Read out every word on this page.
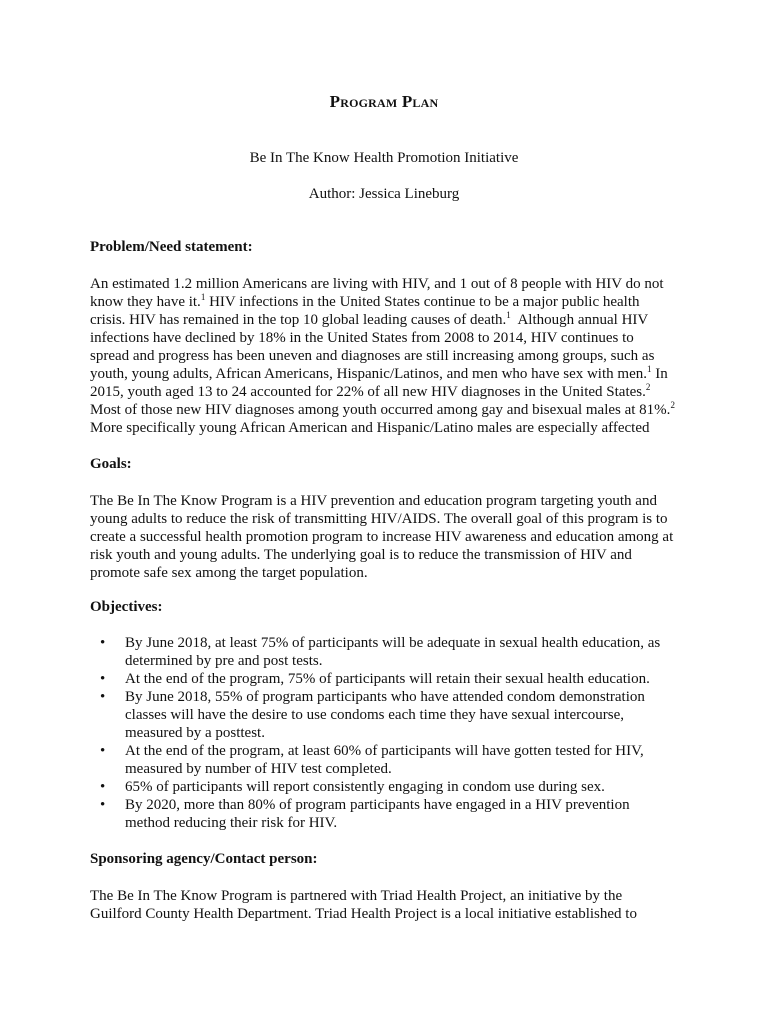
Program Plan
Be In The Know Health Promotion Initiative
Author: Jessica Lineburg
Problem/Need statement:
An estimated 1.2 million Americans are living with HIV, and 1 out of 8 people with HIV do not
know they have it.$^1$ HIV infections in the United States continue to be a major public health
crisis. HIV has remained in the top 10 global leading causes of death.$^1$  Although annual HIV
infections have declined by 18% in the United States from 2008 to 2014, HIV continues to
spread and progress has been uneven and diagnoses are still increasing among groups, such as
youth, young adults, African Americans, Hispanic/Latinos, and men who have sex with men.$^1$ In
2015, youth aged 13 to 24 accounted for 22% of all new HIV diagnoses in the United States.$^2$
Most of those new HIV diagnoses among youth occurred among gay and bisexual males at 81%.$^2$
More specifically young African American and Hispanic/Latino males are especially affected
Goals:
The Be In The Know Program is a HIV prevention and education program targeting youth and
young adults to reduce the risk of transmitting HIV/AIDS. The overall goal of this program is to
create a successful health promotion program to increase HIV awareness and education among at
risk youth and young adults. The underlying goal is to reduce the transmission of HIV and
promote safe sex among the target population.
Objectives:
• By June 2018, at least 75% of participants will be adequate in sexual health education, as
determined by pre and post tests.
• At the end of the program, 75% of participants will retain their sexual health education.
• By June 2018, 55% of program participants who have attended condom demonstration
classes will have the desire to use condoms each time they have sexual intercourse,
measured by a posttest.
• At the end of the program, at least 60% of participants will have gotten tested for HIV,
measured by number of HIV test completed.
• 65% of participants will report consistently engaging in condom use during sex.
• By 2020, more than 80% of program participants have engaged in a HIV prevention
method reducing their risk for HIV.
Sponsoring agency/Contact person:
The Be In The Know Program is partnered with Triad Health Project, an initiative by the
Guilford County Health Department. Triad Health Project is a local initiative established to
